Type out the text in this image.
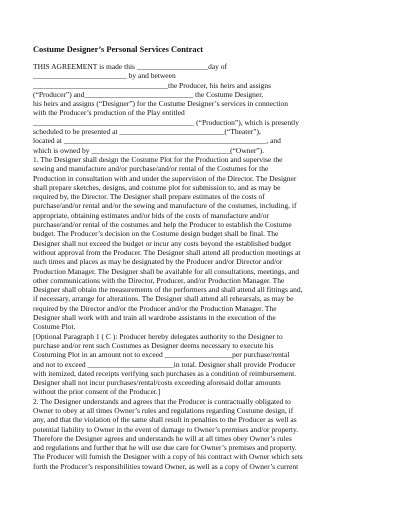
Costume Designer’s Personal Services Contract
THIS AGREEMENT is made this ___________________day of
_________________________ by and between
____________________________________the Producer, his heirs and assigns
(“Producer”) and_____________________________ the Costume Designer,
his heirs and assigns (“Designer”) for the Costume Designer’s services in connection
with the Producer’s production of the Play entitled
___________________________________________ (“Production”), which is presently
scheduled to be presented at ____________________________(“Theater”),
located at ______________________________________________________, and
which is owned by _____________________________________(“Owner”).
1. The Designer shall design the Costume Plot for the Production and supervise the
sewing and manufacture and/or purchase/and/or rental of the Costumes for the
Production in consultation with and under the supervision of the Director. The Designer
shall prepare sketches, designs, and costume plot for submission to, and as may be
required by, the Director. The Designer shall prepare estimates of the costs of
purchase/and/or rental and/or the sewing and manufacture of the costumes, including, if
appropriate, obtaining estimates and/or bids of the costs of manufacture and/or
purchase/and/or rental of the costumes and help the Producer to establish the Costume
budget. The Producer’s decision on the Costume design budget shall be final. The
Designer shall not exceed the budget or incur any costs beyond the established budget
without approval from the Producer. The Designer shall attend all production meetings at
such times and places as may be designated by the Producer and/or Director and/or
Production Manager. The Designer shall be available for all consultations, meetings, and
other communications with the Director, Producer, and/or Production Manager. The
Designer shall obtain the measurements of the performers and shall attend all fittings and,
if necessary, arrange for alterations. The Designer shall attend all rehearsals, as may be
required by the Director and/or the Producer and/or the Production Manager. The
Designer shall work with and train all wardrobe assistants in the execution of the
Costume Plot.
[Optional Paragraph 1 ( C ): Producer hereby delegates authority to the Designer to
purchase and/or rent such Costumes as Designer deems necessary to execute his
Costuming Plot in an amount not to exceed __________________per purchase/rental
and not to exceed _______________________in total. Designer shall provide Producer
with itemized, dated receipts verifying such purchases as a condition of reimbursement.
Designer shall not incur purchases/rental/costs exceeding aforesaid dollar amounts
without the prior consent of the Producer.]
2. The Designer understands and agrees that the Producer is contractually obligated to
Owner to obey at all times Owner’s rules and regulations regarding Costume design, if
any, and that the violation of the same shall result in penalties to the Producer as well as
potential liability to Owner in the event of damage to Owner’s premises and/or property.
Therefore the Designer agrees and understands he will at all times obey Owner’s rules
and regulations and further that he will use due care for Owner’s premises and property.
The Producer will furnish the Designer with a copy of his contract with Owner which sets
forth the Producer’s responsibilities toward Owner, as well as a copy of Owner’s current
